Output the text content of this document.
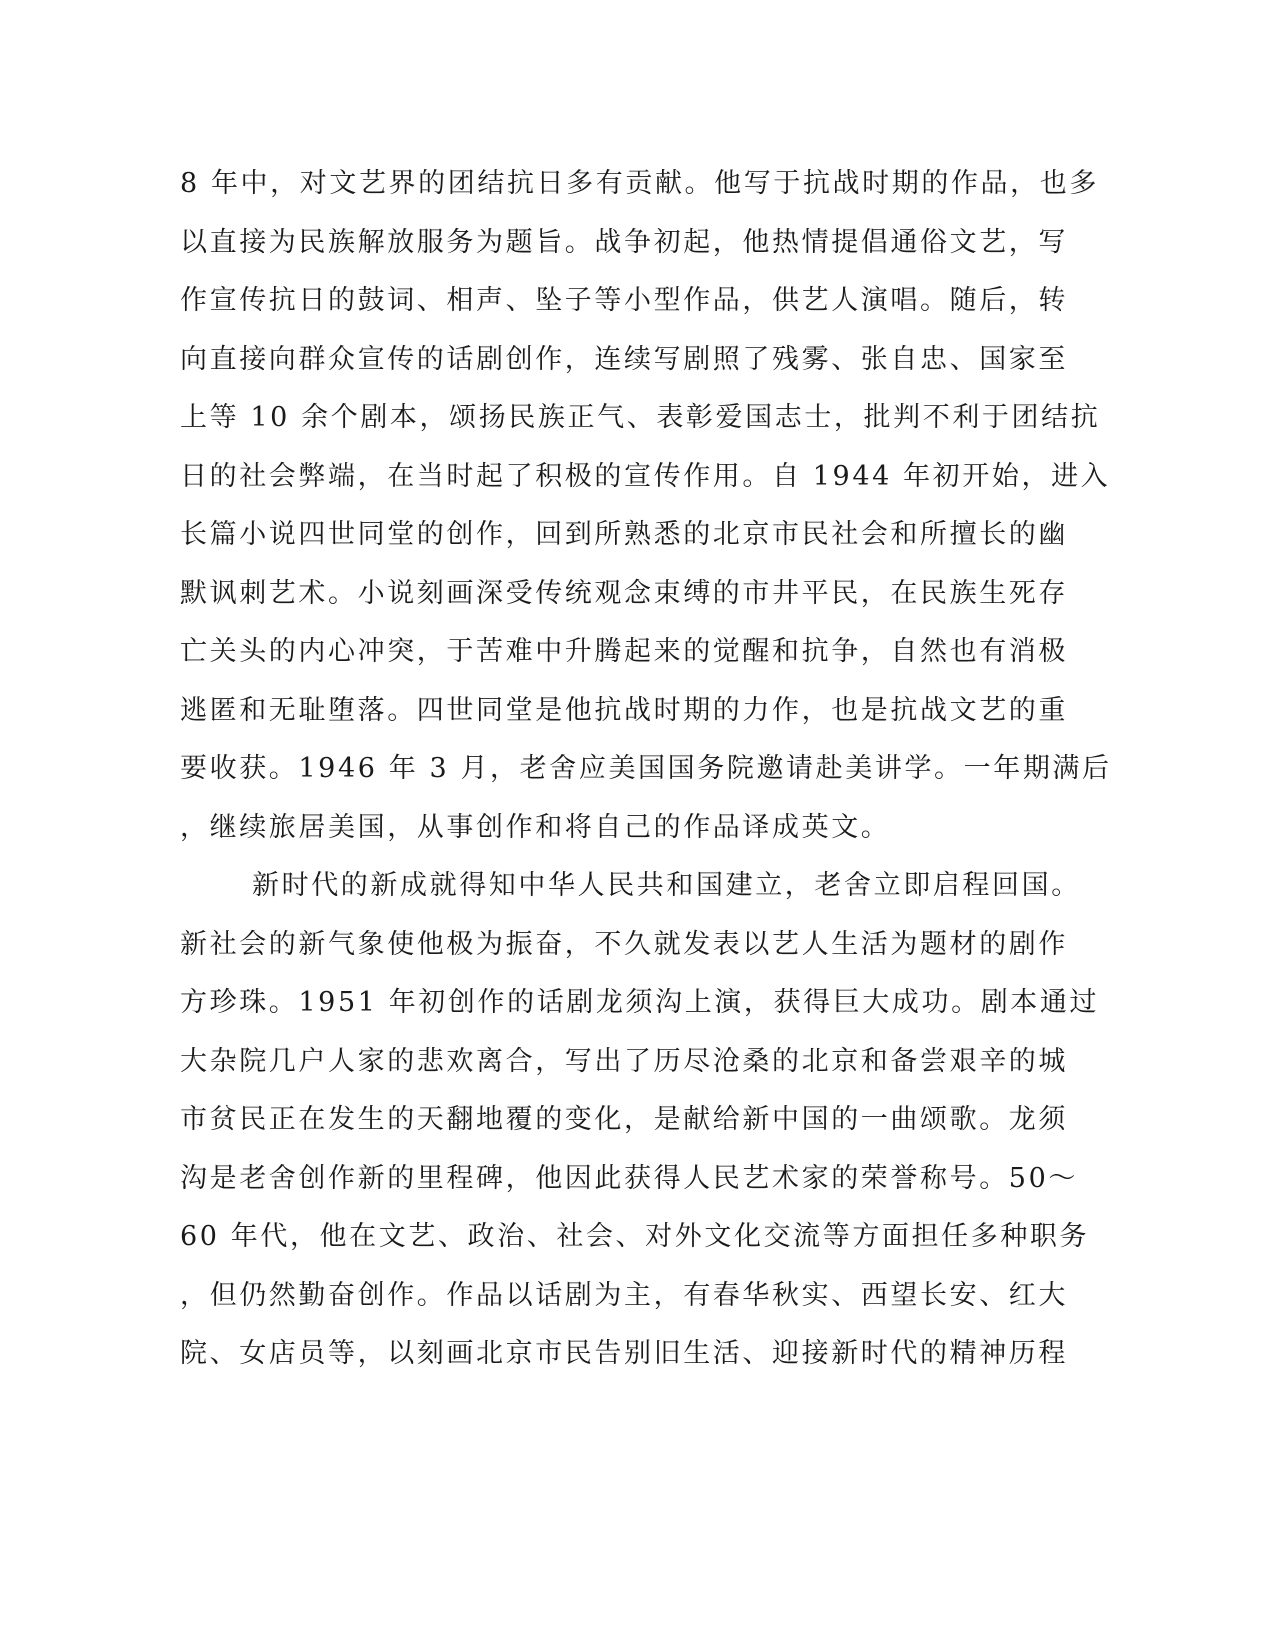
8 年中，对文艺界的团结抗日多有贡献。他写于抗战时期的作品，也多
以直接为民族解放服务为题旨。战争初起，他热情提倡通俗文艺，写
作宣传抗日的鼓词、相声、坠子等小型作品，供艺人演唱。随后，转
向直接向群众宣传的话剧创作，连续写剧照了残雾、张自忠、国家至
上等 10 余个剧本，颂扬民族正气、表彰爱国志士，批判不利于团结抗
日的社会弊端，在当时起了积极的宣传作用。自 1944 年初开始，进入
长篇小说四世同堂的创作，回到所熟悉的北京市民社会和所擅长的幽
默讽刺艺术。小说刻画深受传统观念束缚的市井平民，在民族生死存
亡关头的内心冲突，于苦难中升腾起来的觉醒和抗争，自然也有消极
逃匿和无耻堕落。四世同堂是他抗战时期的力作，也是抗战文艺的重
要收获。1946 年 3 月，老舍应美国国务院邀请赴美讲学。一年期满后
，继续旅居美国，从事创作和将自己的作品译成英文。
新时代的新成就得知中华人民共和国建立，老舍立即启程回国。
新社会的新气象使他极为振奋，不久就发表以艺人生活为题材的剧作
方珍珠。1951 年初创作的话剧龙须沟上演，获得巨大成功。剧本通过
大杂院几户人家的悲欢离合，写出了历尽沧桑的北京和备尝艰辛的城
市贫民正在发生的天翻地覆的变化，是献给新中国的一曲颂歌。龙须
沟是老舍创作新的里程碑，他因此获得人民艺术家的荣誉称号。50～
60 年代，他在文艺、政治、社会、对外文化交流等方面担任多种职务
，但仍然勤奋创作。作品以话剧为主，有春华秋实、西望长安、红大
院、女店员等，以刻画北京市民告别旧生活、迎接新时代的精神历程
